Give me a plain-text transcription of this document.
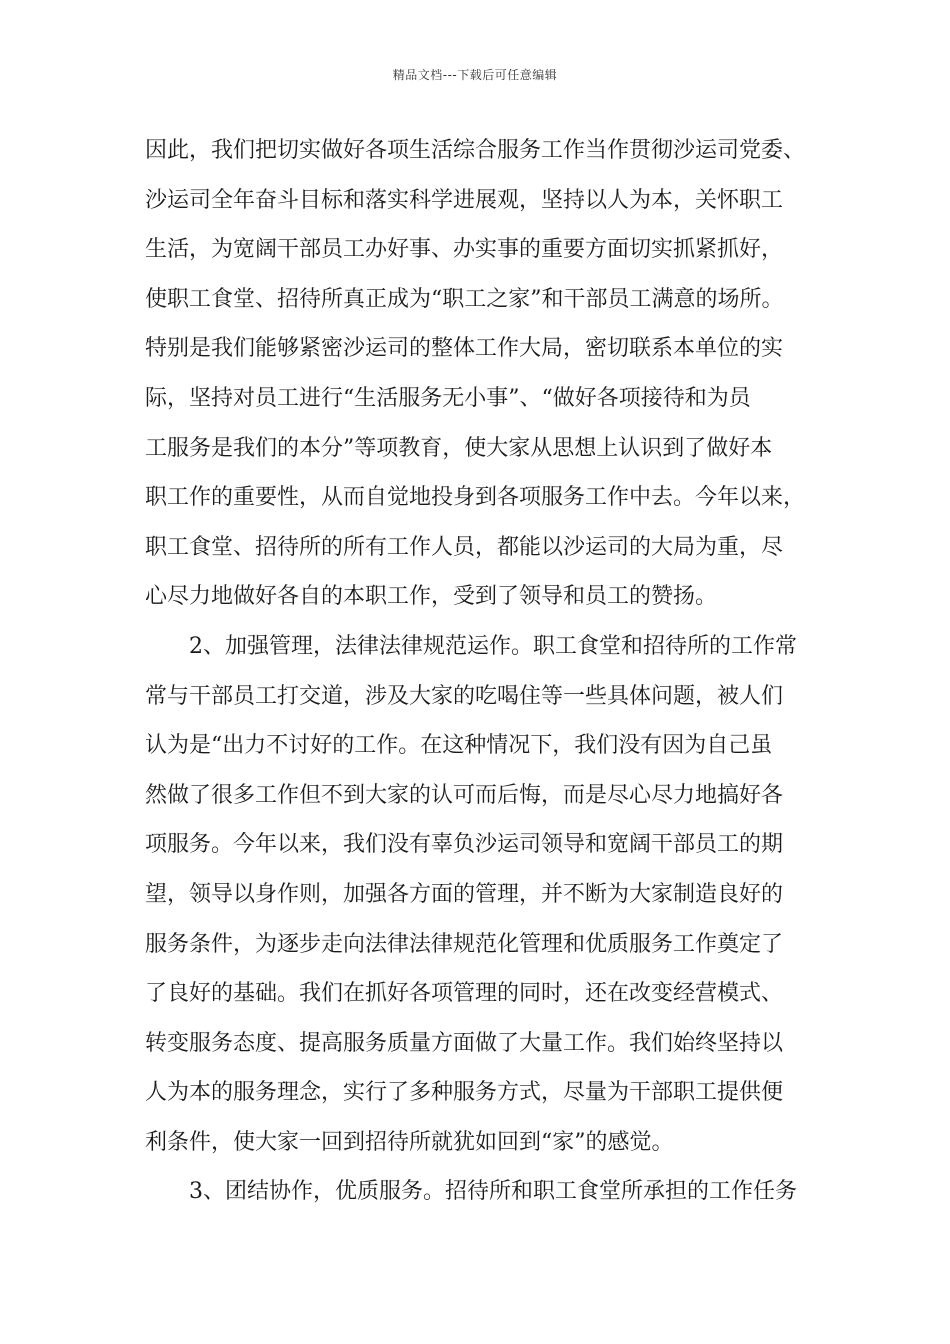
精品文档---下载后可任意编辑
因此，我们把切实做好各项生活综合服务工作当作贯彻沙运司党委、
沙运司全年奋斗目标和落实科学进展观，坚持以人为本，关怀职工
生活，为宽阔干部员工办好事、办实事的重要方面切实抓紧抓好，
使职工食堂、招待所真正成为“职工之家”和干部员工满意的场所。
特别是我们能够紧密沙运司的整体工作大局，密切联系本单位的实
际，坚持对员工进行“生活服务无小事”、“做好各项接待和为员
工服务是我们的本分”等项教育，使大家从思想上认识到了做好本
职工作的重要性，从而自觉地投身到各项服务工作中去。今年以来，
职工食堂、招待所的所有工作人员，都能以沙运司的大局为重，尽
心尽力地做好各自的本职工作，受到了领导和员工的赞扬。
2、加强管理，法律法律规范运作。职工食堂和招待所的工作常
常与干部员工打交道，涉及大家的吃喝住等一些具体问题，被人们
认为是“出力不讨好的工作。在这种情况下，我们没有因为自己虽
然做了很多工作但不到大家的认可而后悔，而是尽心尽力地搞好各
项服务。今年以来，我们没有辜负沙运司领导和宽阔干部员工的期
望，领导以身作则，加强各方面的管理，并不断为大家制造良好的
服务条件，为逐步走向法律法律规范化管理和优质服务工作奠定了
了良好的基础。我们在抓好各项管理的同时，还在改变经营模式、
转变服务态度、提高服务质量方面做了大量工作。我们始终坚持以
人为本的服务理念，实行了多种服务方式，尽量为干部职工提供便
利条件，使大家一回到招待所就犹如回到“家”的感觉。
3、团结协作，优质服务。招待所和职工食堂所承担的工作任务
